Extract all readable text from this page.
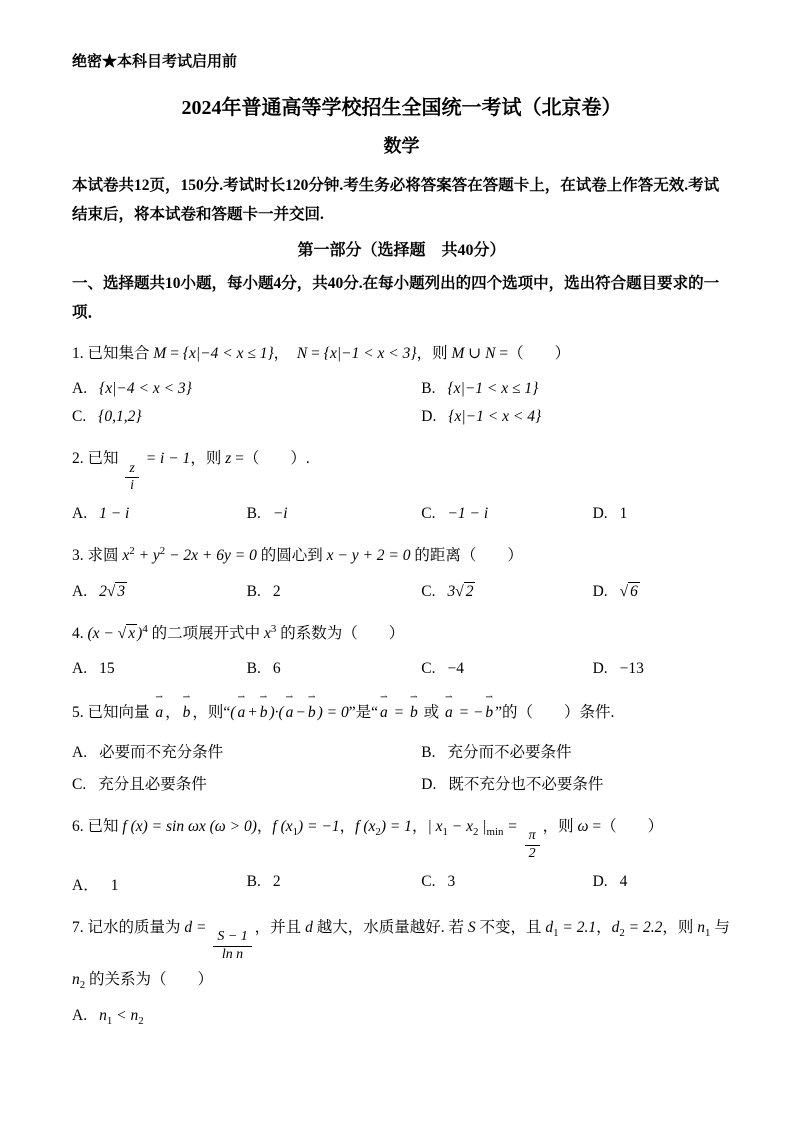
绝密★本科目考试启用前
2024年普通高等学校招生全国统一考试（北京卷）
数学

本试卷共12页，150分.考试时长120分钟.考生务必将答案答在答题卡上，在试卷上作答无效.考试结束后，将本试卷和答题卡一并交回.

第一部分（选择题　共40分）

一、选择题共10小题，每小题4分，共40分.在每小题列出的四个选项中，选出符合题目要求的一项．

1. 已知集合 M = {x|−4 < x ≤ 1}，　N = {x|−1 < x < 3}，则 M ∪ N =（　　）
A. {x|−4 < x < 3}	B. {x|−1 < x ≤ 1}
C. {0,1,2}	D. {x|−1 < x < 4}
2. 已知
$\frac{z}{i}$
= i − 1，则 z =（　　）.
A. 1 − i	B. −i	C. −1 − i	D. 1
3. 求圆 $x^2 + y^2 - 2x + 6y = 0$ 的圆心到 x − y + 2 = 0 的距离（　　）
A. 2√ 3	B. 2	C. 3√ 2	D. √ 6
4. (x − √ x )$^4$ 的二项展开式中 $x^3$ 的系数为（　　）
A. 15	B. 6	C. −4	D. −13
5. 已知向量
⇀
a ，
⇀
b ，则“(
⇀
a +
⇀
b )·(
⇀
a −
⇀
b ) = 0”是“
⇀
a =
⇀
b 或
⇀
a = −
⇀
b ”的（　　）条件.
A. 必要而不充分条件	B. 充分而不必要条件
C. 充分且必要条件	D. 既不充分也不必要条件
6. 已知 f (x) = sin ωx (ω > 0)，f $(x_1) = -1$，f $(x_2) = 1$，| $x_1 - x_2$ $|_{min}$ =
$\frac{\pi}{2}$
，则 ω =（　　）
A． 1	B. 2	C. 3	D. 4
7. 记水的质量为 d =
$\frac{S - 1}{\text{ln n}}$
，并且 d 越大，水质量越好. 若 S 不变，且 $d_1 = 2.1$，$d_2 = 2.2$，则 $n_1$ 与 $n_2$ 的关系为（　　）
A. $n_1 < n_2$
